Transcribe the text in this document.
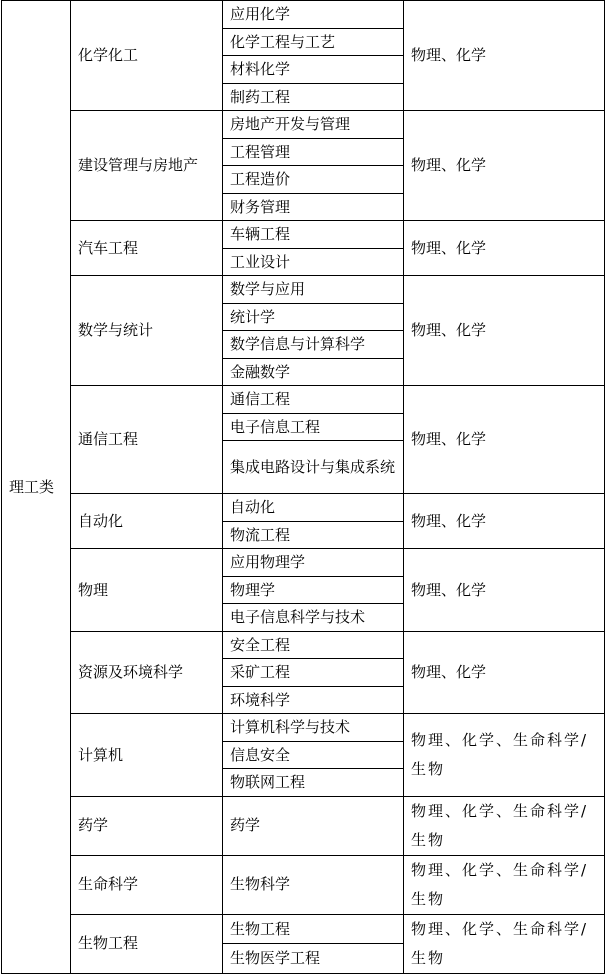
理工类	化学化工	应用化学	物理、化学
		化学工程与工艺	
		材料化学	
		制药工程	
	建设管理与房地产	房地产开发与管理	物理、化学
		工程管理	
		工程造价	
		财务管理	
	汽车工程	车辆工程	物理、化学
		工业设计	
	数学与统计	数学与应用	物理、化学
		统计学	
		数学信息与计算科学	
		金融数学	
	通信工程	通信工程	物理、化学
		电子信息工程	
		集成电路设计与集成系统	
	自动化	自动化	物理、化学
		物流工程	
	物理	应用物理学	物理、化学
		物理学	
		电子信息科学与技术	
	资源及环境科学	安全工程	物理、化学
		采矿工程	
		环境科学	
	计算机	计算机科学与技术	物理、化学、生命科学/生物
		信息安全	
		物联网工程	
	药学	药学	物理、化学、生命科学/生物
	生命科学	生物科学	物理、化学、生命科学/生物
	生物工程	生物工程	物理、化学、生命科学/生物
		生物医学工程	
